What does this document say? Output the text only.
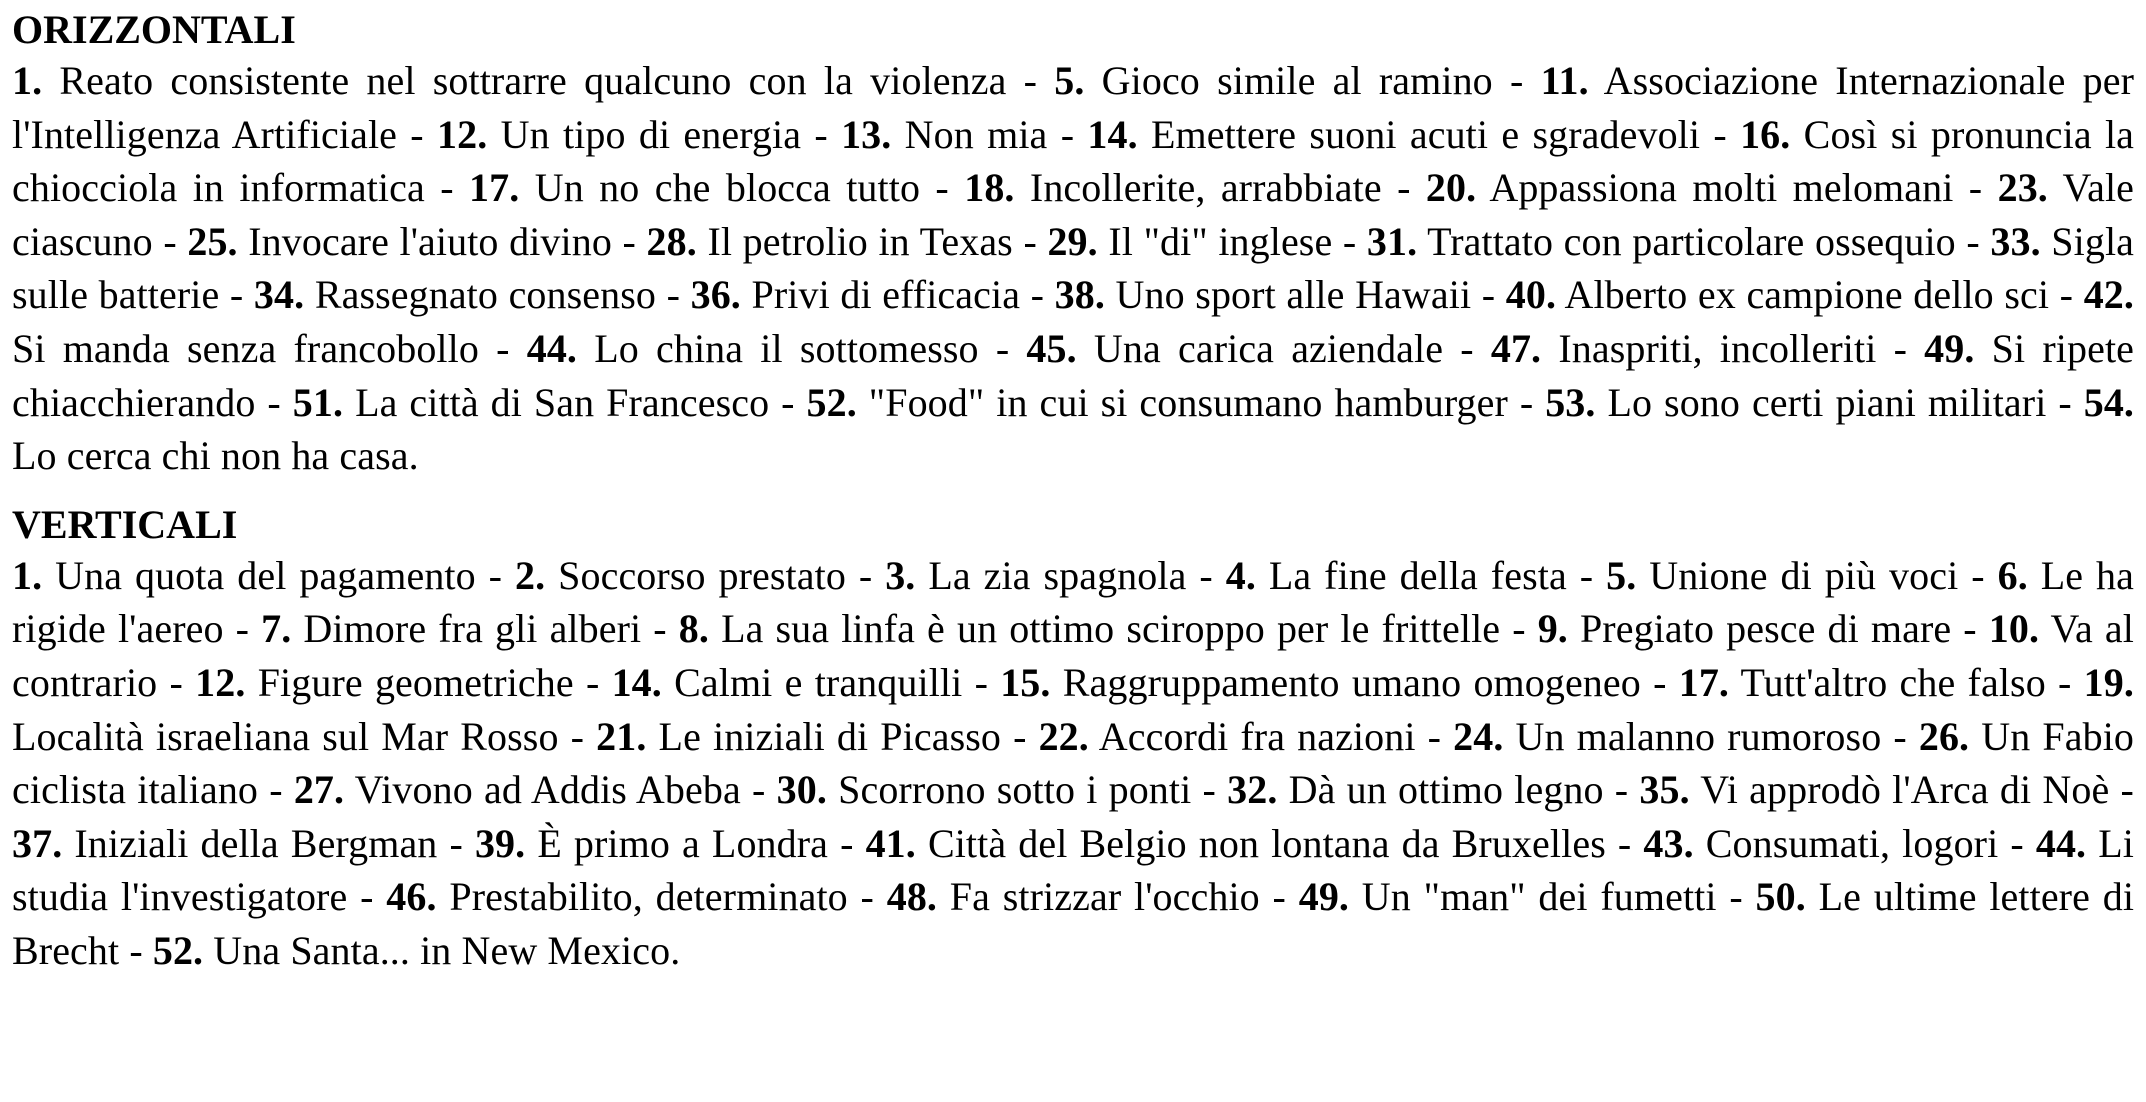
ORIZZONTALI

1. Reato consistente nel sottrarre qualcuno con la violenza - 5. Gioco simile al ramino - 11. Associazione Internazionale per l'Intelligenza Artificiale - 12. Un tipo di energia - 13. Non mia - 14. Emettere suoni acuti e sgradevoli - 16. Così si pronuncia la chiocciola in informatica - 17. Un no che blocca tutto - 18. Incollerite, arrabbiate - 20. Appassiona molti melomani - 23. Vale ciascuno - 25. Invocare l'aiuto divino - 28. Il petrolio in Texas - 29. Il "di" inglese - 31. Trattato con particolare ossequio - 33. Sigla sulle batterie - 34. Rassegnato consenso - 36. Privi di efficacia - 38. Uno sport alle Hawaii - 40. Alberto ex campione dello sci - 42. Si manda senza francobollo - 44. Lo china il sottomesso - 45. Una carica aziendale - 47. Inaspriti, incolleriti - 49. Si ripete chiacchierando - 51. La città di San Francesco - 52. "Food" in cui si consumano hamburger - 53. Lo sono certi piani militari - 54. Lo cerca chi non ha casa.

VERTICALI

1. Una quota del pagamento - 2. Soccorso prestato - 3. La zia spagnola - 4. La fine della festa - 5. Unione di più voci - 6. Le ha rigide l'aereo - 7. Dimore fra gli alberi - 8. La sua linfa è un ottimo sciroppo per le frittelle - 9. Pregiato pesce di mare - 10. Va al contrario - 12. Figure geometriche - 14. Calmi e tranquilli - 15. Raggruppamento umano omogeneo - 17. Tutt'altro che falso - 19. Località israeliana sul Mar Rosso - 21. Le iniziali di Picasso - 22. Accordi fra nazioni - 24. Un malanno rumoroso - 26. Un Fabio ciclista italiano - 27. Vivono ad Addis Abeba - 30. Scorrono sotto i ponti - 32. Dà un ottimo legno - 35. Vi approdò l'Arca di Noè - 37. Iniziali della Bergman - 39. È primo a Londra - 41. Città del Belgio non lontana da Bruxelles - 43. Consumati, logori - 44. Li studia l'investigatore - 46. Prestabilito, determinato - 48. Fa strizzar l'occhio - 49. Un "man" dei fumetti - 50. Le ultime lettere di Brecht - 52. Una Santa... in New Mexico.
